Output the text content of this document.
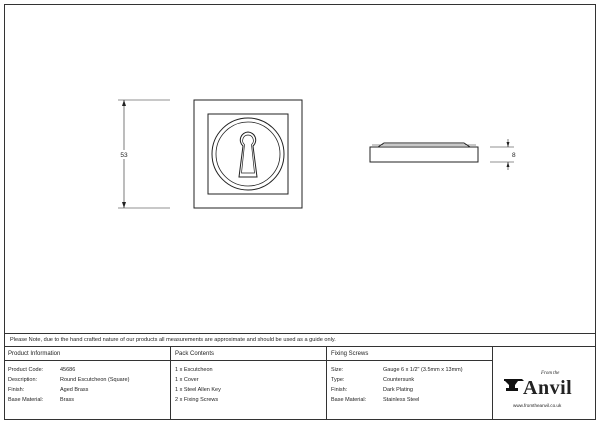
53	8
Please Note, due to the hand crafted nature of our products all measurements are approximate and should be used as a guide only.
Product Information
Product Code:	45686
Description:	Round Escutcheon (Square)
Finish:	Aged Brass
Base Material:	Brass
Pack Contents
1 x Escutcheon
1 x Cover
1 x Steel Allen Key
2 x Fixing Screws
Fixing Screws
Size:	Gauge 6 x 1/2" (3.5mm x 13mm)
Type:	Countersunk
Finish:	Dark Plating
Base Material:	Stainless Steel
From the
Anvil
www.fromtheanvil.co.uk
